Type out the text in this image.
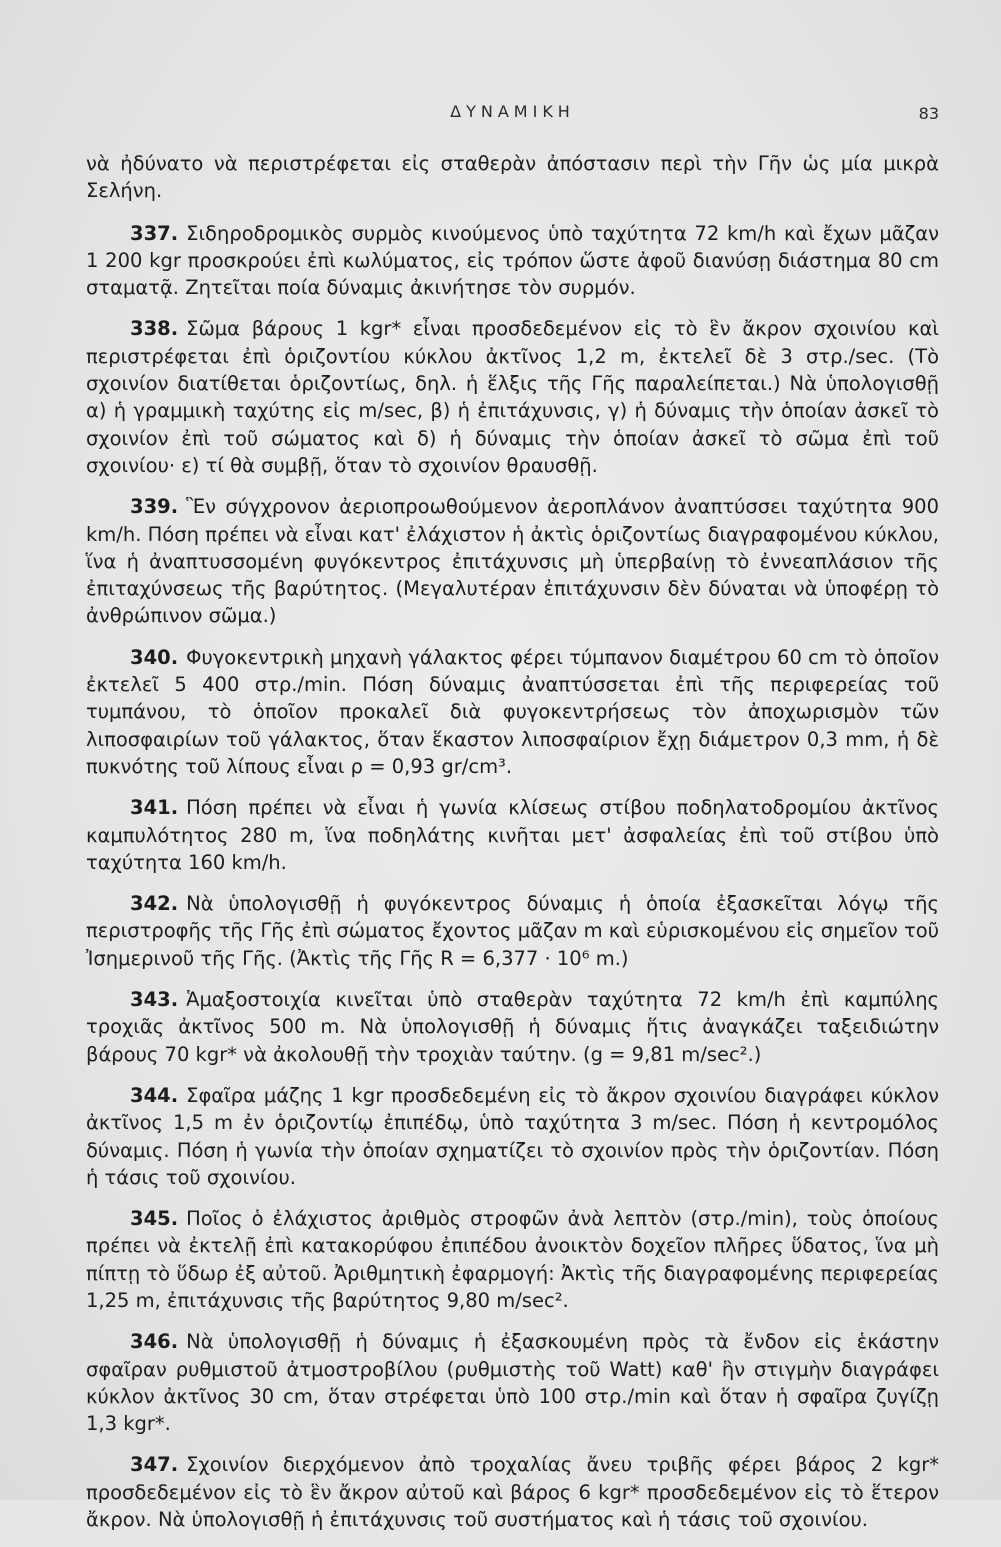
ΔΥΝΑΜΙΚΗ	83

νὰ ἠδύνατο νὰ περιστρέφεται εἰς σταθερὰν ἀπόστασιν περὶ τὴν Γῆν ὡς μία μικρὰ Σελήνη.

337. Σιδηροδρομικὸς συρμὸς κινούμενος ὑπὸ ταχύτητα 72 km/h καὶ ἔχων μᾶζαν 1 200 kgr προσκρούει ἐπὶ κωλύματος, εἰς τρόπον ὥστε ἀφοῦ διανύσῃ διάστημα 80 cm σταματᾷ. Ζητεῖται ποία δύναμις ἀκινήτησε τὸν συρμόν.

338. Σῶμα βάρους 1 kgr* εἶναι προσδεδεμένον εἰς τὸ ἓν ἄκρον σχοινίου καὶ περιστρέφεται ἐπὶ ὁριζοντίου κύκλου ἀκτῖνος 1,2 m, ἐκτελεῖ δὲ 3 στρ./sec. (Τὸ σχοινίον διατίθεται ὁριζοντίως, δηλ. ἡ ἕλξις τῆς Γῆς παραλείπεται.) Νὰ ὑπολογισθῇ α) ἡ γραμμικὴ ταχύτης εἰς m/sec, β) ἡ ἐπιτάχυνσις, γ) ἡ δύναμις τὴν ὁποίαν ἀσκεῖ τὸ σχοινίον ἐπὶ τοῦ σώματος καὶ δ) ἡ δύναμις τὴν ὁποίαν ἀσκεῖ τὸ σῶμα ἐπὶ τοῦ σχοινίου· ε) τί θὰ συμβῇ, ὅταν τὸ σχοινίον θραυσθῇ.

339. Ἓν σύγχρονον ἀεριοπροωθούμενον ἀεροπλάνον ἀναπτύσσει ταχύτητα 900 km/h. Πόση πρέπει νὰ εἶναι κατ' ἐλάχιστον ἡ ἀκτὶς ὁριζοντίως διαγραφομένου κύκλου, ἵνα ἡ ἀναπτυσσομένη φυγόκεντρος ἐπιτάχυνσις μὴ ὑπερβαίνῃ τὸ ἐννεαπλάσιον τῆς ἐπιταχύνσεως τῆς βαρύτητος. (Μεγαλυτέραν ἐπιτάχυνσιν δὲν δύναται νὰ ὑποφέρῃ τὸ ἀνθρώπινον σῶμα.)

340. Φυγοκεντρικὴ μηχανὴ γάλακτος φέρει τύμπανον διαμέτρου 60 cm τὸ ὁποῖον ἐκτελεῖ 5 400 στρ./min. Πόση δύναμις ἀναπτύσσεται ἐπὶ τῆς περιφερείας τοῦ τυμπάνου, τὸ ὁποῖον προκαλεῖ διὰ φυγοκεντρήσεως τὸν ἀποχωρισμὸν τῶν λιποσφαιρίων τοῦ γάλακτος, ὅταν ἕκαστον λιποσφαίριον ἔχῃ διάμετρον 0,3 mm, ἡ δὲ πυκνότης τοῦ λίπους εἶναι ρ = 0,93 gr/cm³.

341. Πόση πρέπει νὰ εἶναι ἡ γωνία κλίσεως στίβου ποδηλατοδρομίου ἀκτῖνος καμπυλότητος 280 m, ἵνα ποδηλάτης κινῆται μετ' ἀσφαλείας ἐπὶ τοῦ στίβου ὑπὸ ταχύτητα 160 km/h.

342. Νὰ ὑπολογισθῇ ἡ φυγόκεντρος δύναμις ἡ ὁποία ἐξασκεῖται λόγῳ τῆς περιστροφῆς τῆς Γῆς ἐπὶ σώματος ἔχοντος μᾶζαν m καὶ εὑρισκομένου εἰς σημεῖον τοῦ Ἰσημερινοῦ τῆς Γῆς. (Ἀκτὶς τῆς Γῆς R = 6,377 · 10⁶ m.)

343. Ἁμαξοστοιχία κινεῖται ὑπὸ σταθερὰν ταχύτητα 72 km/h ἐπὶ καμπύλης τροχιᾶς ἀκτῖνος 500 m. Νὰ ὑπολογισθῇ ἡ δύναμις ἥτις ἀναγκάζει ταξειδιώτην βάρους 70 kgr* νὰ ἀκολουθῇ τὴν τροχιὰν ταύτην. (g = 9,81 m/sec².)

344. Σφαῖρα μάζης 1 kgr προσδεδεμένη εἰς τὸ ἄκρον σχοινίου διαγράφει κύκλον ἀκτῖνος 1,5 m ἐν ὁριζοντίῳ ἐπιπέδῳ, ὑπὸ ταχύτητα 3 m/sec. Πόση ἡ κεντρομόλος δύναμις. Πόση ἡ γωνία τὴν ὁποίαν σχηματίζει τὸ σχοινίον πρὸς τὴν ὁριζοντίαν. Πόση ἡ τάσις τοῦ σχοινίου.

345. Ποῖος ὁ ἐλάχιστος ἀριθμὸς στροφῶν ἀνὰ λεπτὸν (στρ./min), τοὺς ὁποίους πρέπει νὰ ἐκτελῇ ἐπὶ κατακορύφου ἐπιπέδου ἀνοικτὸν δοχεῖον πλῆρες ὕδατος, ἵνα μὴ πίπτῃ τὸ ὕδωρ ἐξ αὐτοῦ. Ἀριθμητικὴ ἐφαρμογή: Ἀκτὶς τῆς διαγραφομένης περιφερείας 1,25 m, ἐπιτάχυνσις τῆς βαρύτητος 9,80 m/sec².

346. Νὰ ὑπολογισθῇ ἡ δύναμις ἡ ἐξασκουμένη πρὸς τὰ ἔνδον εἰς ἑκάστην σφαῖραν ρυθμιστοῦ ἀτμοστροβίλου (ρυθμιστὴς τοῦ Watt) καθ' ἣν στιγμὴν διαγράφει κύκλον ἀκτῖνος 30 cm, ὅταν στρέφεται ὑπὸ 100 στρ./min καὶ ὅταν ἡ σφαῖρα ζυγίζῃ 1,3 kgr*.

347. Σχοινίον διερχόμενον ἀπὸ τροχαλίας ἄνευ τριβῆς φέρει βάρος 2 kgr* προσδεδεμένον εἰς τὸ ἓν ἄκρον αὐτοῦ καὶ βάρος 6 kgr* προσδεδεμένον εἰς τὸ ἕτερον ἄκρον. Νὰ ὑπολογισθῇ ἡ ἐπιτάχυνσις τοῦ συστήματος καὶ ἡ τάσις τοῦ σχοινίου.
